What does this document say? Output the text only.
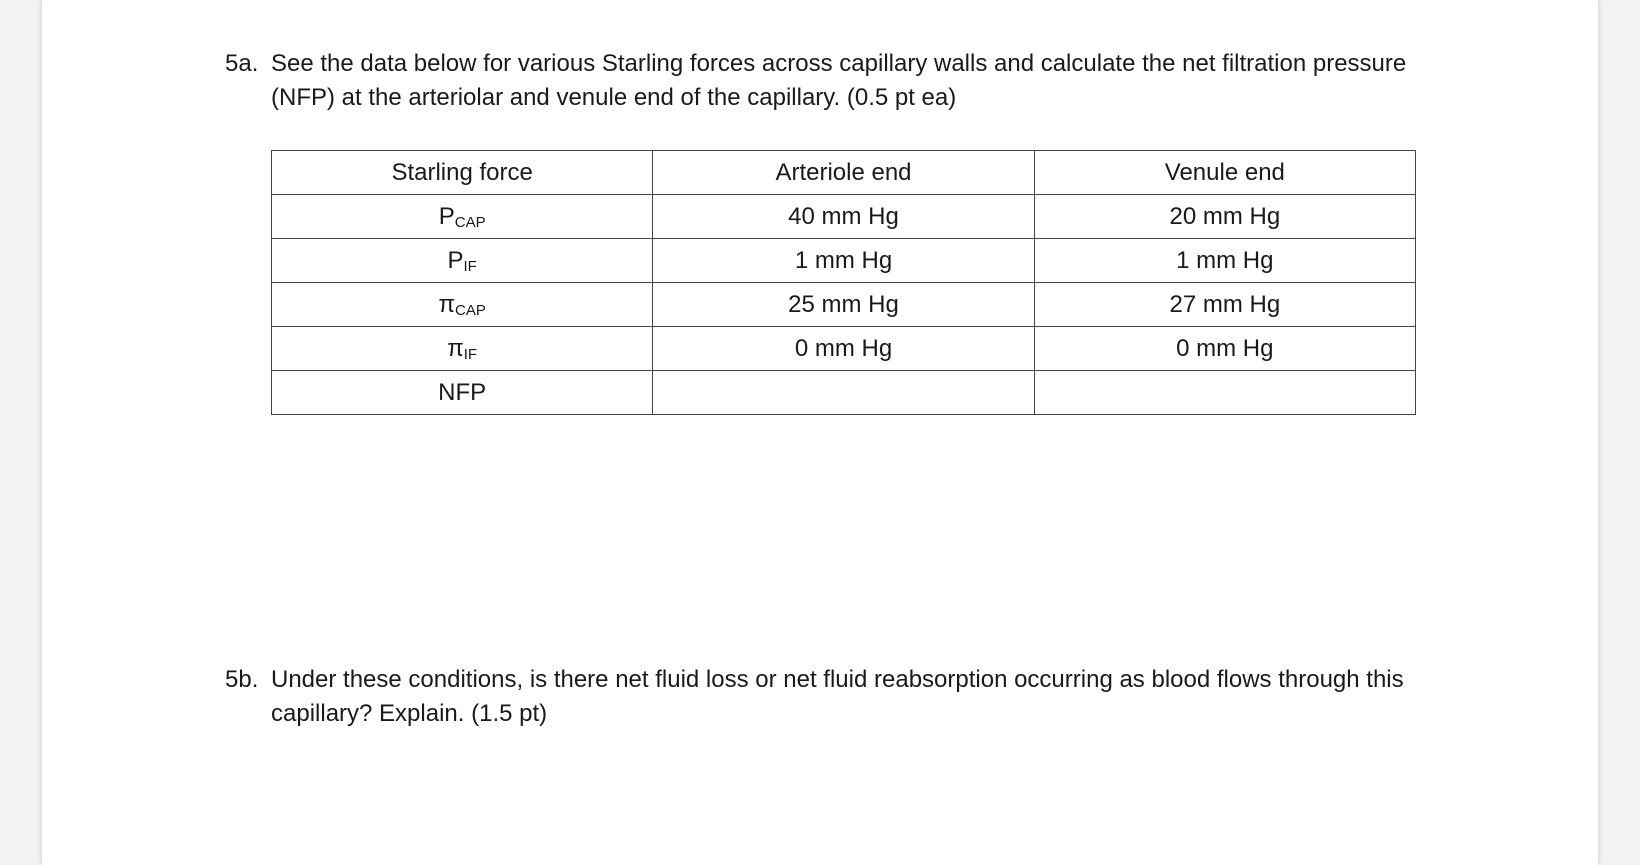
5a. See the data below for various Starling forces across capillary walls and calculate the net filtration pressure (NFP) at the arteriolar and venule end of the capillary. (0.5 pt ea)
Starling force	Arteriole end	Venule end
PCAP	40 mm Hg	20 mm Hg
PIF	1 mm Hg	1 mm Hg
πCAP	25 mm Hg	27 mm Hg
πIF	0 mm Hg	0 mm Hg
NFP		
5b. Under these conditions, is there net fluid loss or net fluid reabsorption occurring as blood flows through this capillary? Explain. (1.5 pt)
